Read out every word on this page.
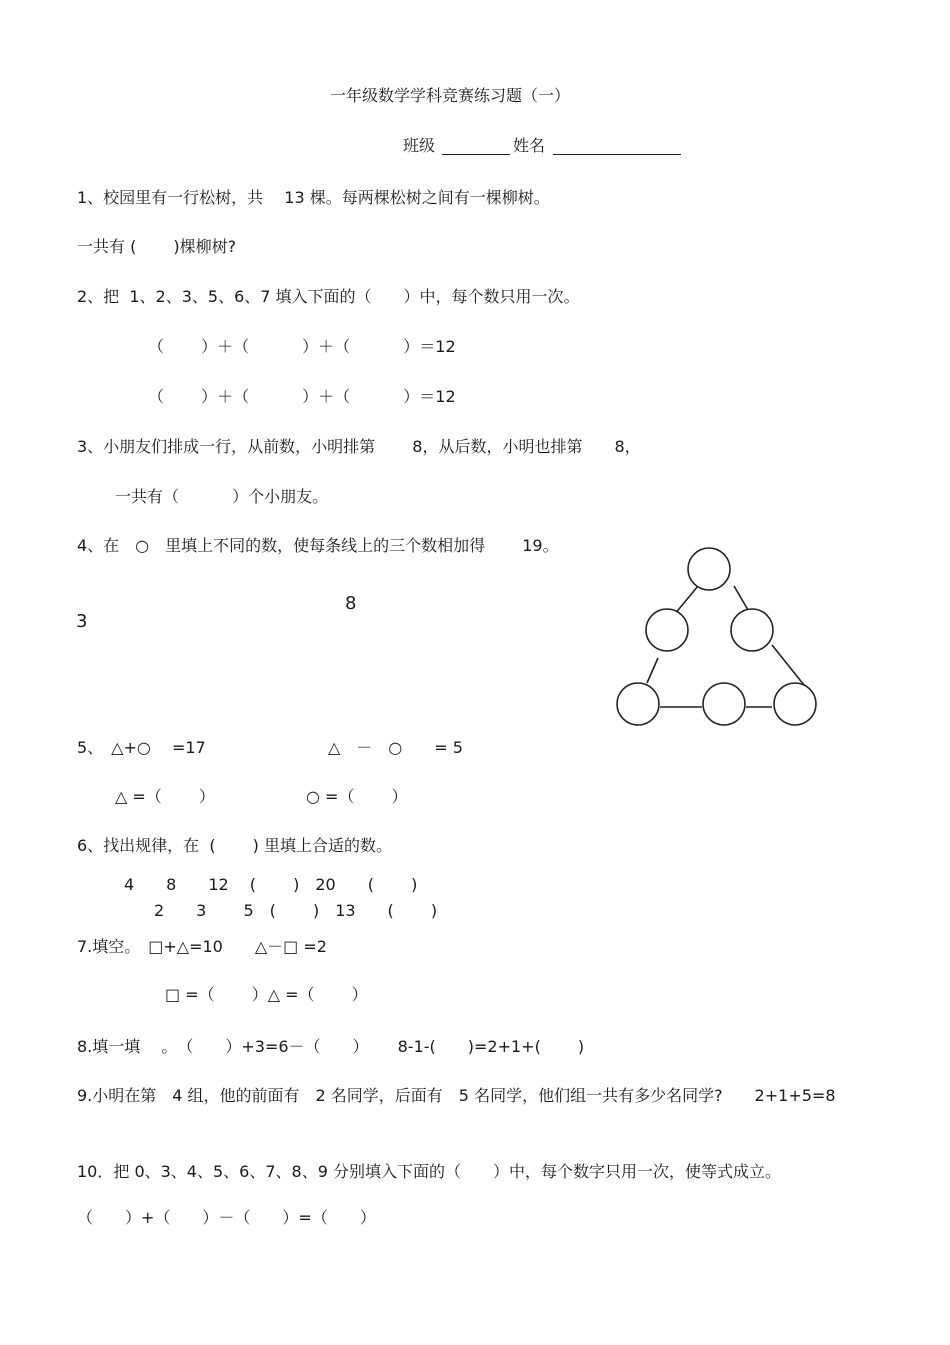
一年级数学学科竞赛练习题（一）
班级	姓名
1、校园里有一行松树，共　 13 棵。每两棵松树之间有一棵柳树。
一共有 (　　 )棵柳树?
2、把  1、2、3、5、6、7 填入下面的（　　）中，每个数只用一次。
（　　 ）＋（　　　 ）＋（　　　 ）＝12
（　　 ）＋（　　　 ）＋（　　　 ）＝12
3、小朋友们排成一行，从前数，小明排第　　 8，从后数，小明也排第　　8，
一共有（　　　 ）个小朋友。
4、在　○　里填上不同的数，使每条线上的三个数相加得　　 19。
8
3
5、　△+○　 =17	△　－　○　　= 5
△ =（　　 ）	○ =（　　 ）
6、找出规律，在  (　　 ) 里填上合适的数。
4　　8　　12　 (　　 )　20　　(　　 )
2　　3　　 5　(　　 )　13　　(　　 )
7.填空。　□+△=10　　△－□ =2
□ =（　　 ）△ =（　　 ）
8.填一填　 。　（　　）+3=6－（　　）　　 8-1-(　　)=2+1+(　　 )
9.小明在第　4 组，他的前面有　2 名同学，后面有　5 名同学，他们组一共有多少名同学?　　2+1+5=8
10．把 0、3、4、5、6、7、8、9 分别填入下面的（　　）中，每个数字只用一次，使等式成立。
（　　）+（　　）－（　　）=（　　）
